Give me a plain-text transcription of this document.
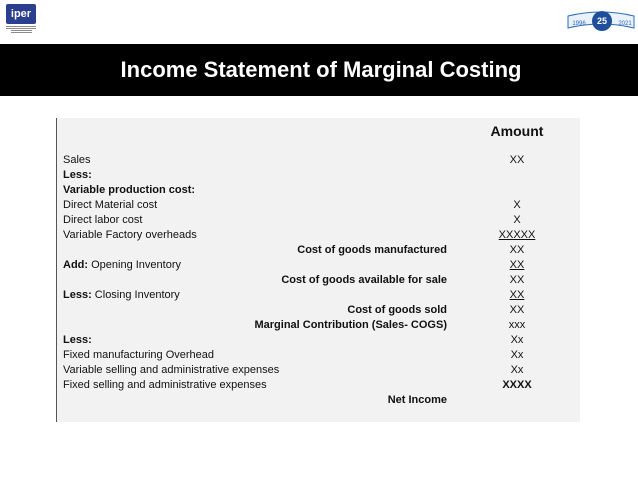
iper
25
1996	2021
Income Statement of Marginal Costing
Amount
Sales	XX
Less:
Variable production cost:
Direct Material cost	X
Direct labor cost	X
Variable Factory overheads	XXXXX
Cost of goods manufactured	XX
Add: Opening Inventory	XX
Cost of goods available for sale	XX
Less: Closing Inventory	XX
Cost of goods sold	XX
Marginal Contribution (Sales- COGS)	xxx
Less:	Xx
Fixed manufacturing Overhead	Xx
Variable selling and administrative expenses	Xx
Fixed selling and administrative expenses	XXXX
Net Income
